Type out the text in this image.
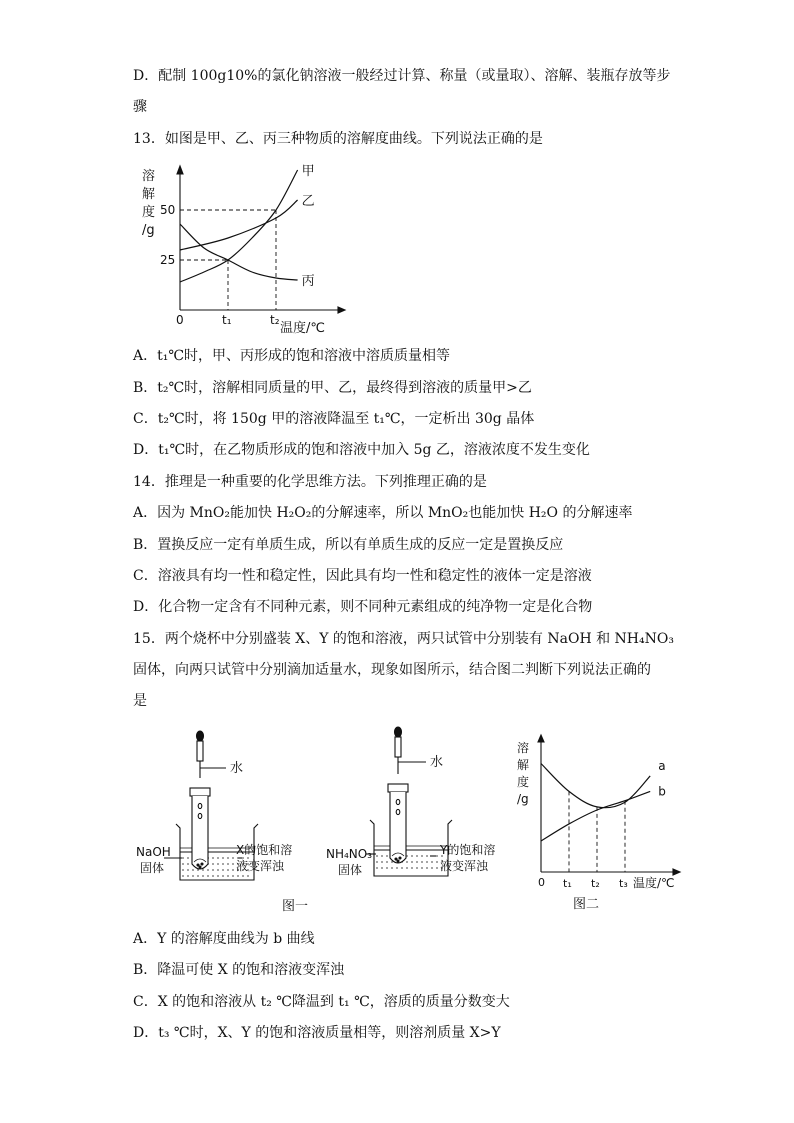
D．配制 100g10%的氯化钠溶液一般经过计算、称量（或量取）、溶解、装瓶存放等步
骤
13．如图是甲、乙、丙三种物质的溶解度曲线。下列说法正确的是
甲
乙
丙
t₁	t₂
25
50
溶
解
度
/g
0
温度/℃
A．t₁℃时，甲、丙形成的饱和溶液中溶质质量相等
B．t₂℃时，溶解相同质量的甲、乙，最终得到溶液的质量甲>乙
C．t₂℃时，将 150g 甲的溶液降温至 t₁℃，一定析出 30g 晶体
D．t₁℃时，在乙物质形成的饱和溶液中加入 5g 乙，溶液浓度不发生变化
14．推理是一种重要的化学思维方法。下列推理正确的是
A．因为 MnO₂能加快 H₂O₂的分解速率，所以 MnO₂也能加快 H₂O 的分解速率
B．置换反应一定有单质生成，所以有单质生成的反应一定是置换反应
C．溶液具有均一性和稳定性，因此具有均一性和稳定性的液体一定是溶液
D．化合物一定含有不同种元素，则不同种元素组成的纯净物一定是化合物
15．两个烧杯中分别盛装 X、Y 的饱和溶液，两只试管中分别装有 NaOH 和 NH₄NO₃
固体，向两只试管中分别滴加适量水，现象如图所示，结合图二判断下列说法正确的
是
水
NaOH
固体
X的饱和溶
液变浑浊
水
NH₄NO₃
固体
Y的饱和溶
液变浑浊
图一
a
b
t₁ t₂ t₃
溶
解
度
/g
0	温度/℃
图二
A．Y 的溶解度曲线为 b 曲线
B．降温可使 X 的饱和溶液变浑浊
C．X 的饱和溶液从 t₂ ℃降温到 t₁ ℃，溶质的质量分数变大
D．t₃ ℃时，X、Y 的饱和溶液质量相等，则溶剂质量 X>Y
